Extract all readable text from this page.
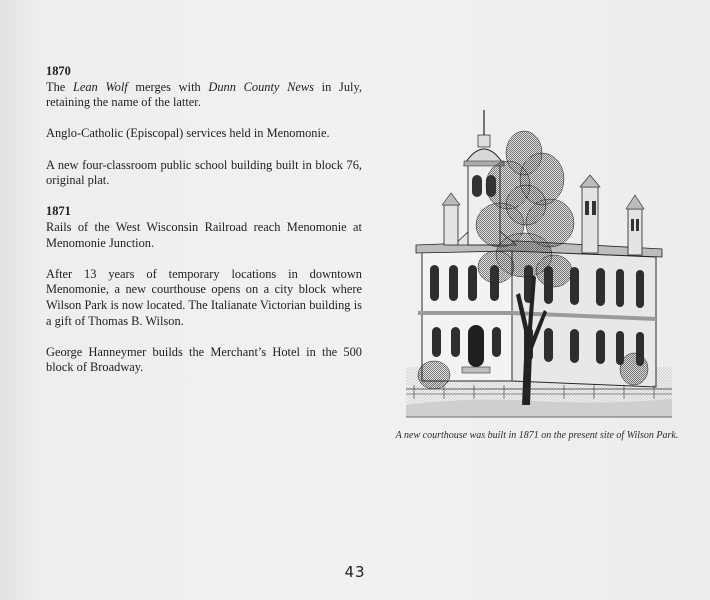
1870

The Lean Wolf merges with Dunn County News in July, retaining the name of the latter.

Anglo-Catholic (Episcopal) services held in Menomonie.

A new four-classroom public school building built in block 76, original plat.

1871

Rails of the West Wisconsin Railroad reach Menomonie at Menomonie Junction.

After 13 years of temporary locations in downtown Menomonie, a new courthouse opens on a city block where Wilson Park is now located. The Italianate Victorian building is a gift of Thomas B. Wilson.

George Hanneymer builds the Merchant’s Hotel in the 500 block of Broadway.

A new courthouse was built in 1871 on the present site of Wilson Park.
43
